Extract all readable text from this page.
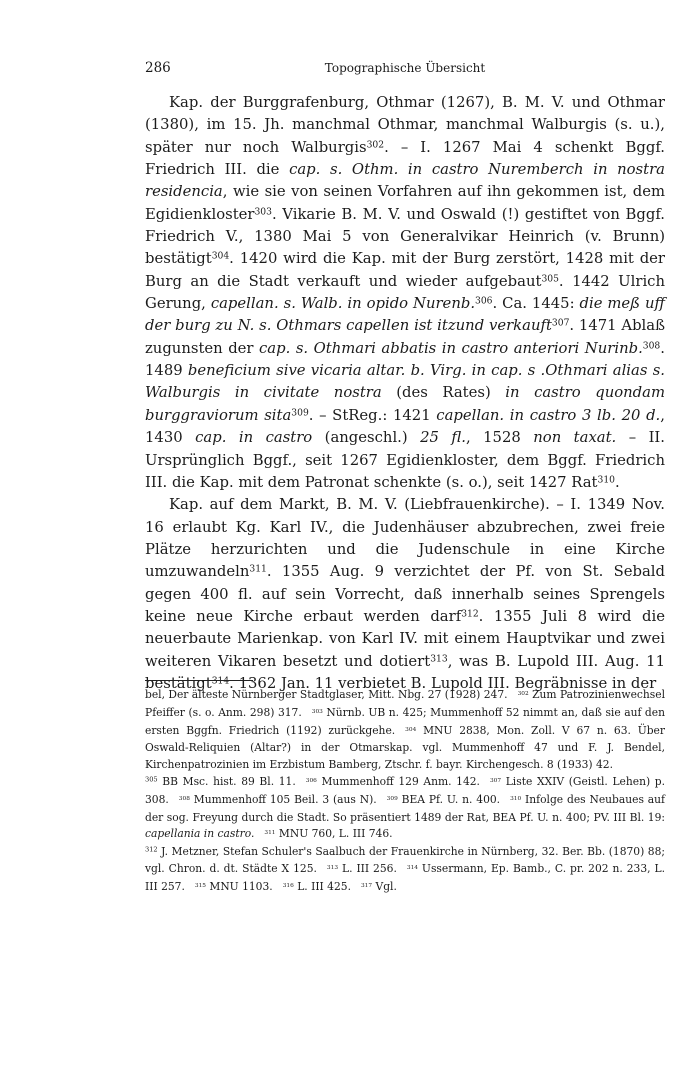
286	Topographische Übersicht

Kap. der Burggrafenburg, Othmar (1267), B. M. V. und Othmar (1380), im 15. Jh. manchmal Othmar, manchmal Walburgis (s. u.), später nur noch Walburgis$^{302}$. – I. 1267 Mai 4 schenkt Bggf. Friedrich III. die cap. s. Othm. in castro Nuremberch in nostra residencia, wie sie von seinen Vorfahren auf ihn gekommen ist, dem Egidienkloster$^{303}$. Vikarie B. M. V. und Oswald (!) gestiftet von Bggf. Friedrich V., 1380 Mai 5 von Generalvikar Heinrich (v. Brunn) bestätigt$^{304}$. 1420 wird die Kap. mit der Burg zerstört, 1428 mit der Burg an die Stadt verkauft und wieder aufgebaut$^{305}$. 1442 Ulrich Gerung, capellan. s. Walb. in opido Nurenb.$^{306}$. Ca. 1445: die meß uff der burg zu N. s. Othmars capellen ist itzund verkauft$^{307}$. 1471 Ablaß zugunsten der cap. s. Othmari abbatis in castro anteriori Nurinb.$^{308}$. 1489 beneficium sive vicaria altar. b. Virg. in cap. s .Othmari alias s. Walburgis in civitate nostra (des Rates) in castro quondam burggraviorum sita$^{309}$. – StReg.: 1421 capellan. in castro 3 lb. 20 d., 1430 cap. in castro (angeschl.) 25 fl., 1528 non taxat. – II. Ursprünglich Bggf., seit 1267 Egidienkloster, dem Bggf. Friedrich III. die Kap. mit dem Patronat schenkte (s. o.), seit 1427 Rat$^{310}$.

Kap. auf dem Markt, B. M. V. (Liebfrauenkirche). – I. 1349 Nov. 16 erlaubt Kg. Karl IV., die Judenhäuser abzubrechen, zwei freie Plätze herzurichten und die Judenschule in eine Kirche umzuwandeln$^{311}$. 1355 Aug. 9 verzichtet der Pf. von St. Sebald gegen 400 fl. auf sein Vorrecht, daß innerhalb seines Sprengels keine neue Kirche erbaut werden darf$^{312}$. 1355 Juli 8 wird die neuerbaute Marienkap. von Karl IV. mit einem Hauptvikar und zwei weiteren Vikaren besetzt und dotiert$^{313}$, was B. Lupold III. Aug. 11 bestätigt$^{314}$. 1362 Jan. 11 verbietet B. Lupold III. Begräbnisse in der

bel, Der älteste Nürnberger Stadtglaser, Mitt. Nbg. 27 (1928) 247. $^{302}$ Zum Patrozinienwechsel Pfeiffer (s. o. Anm. 298) 317. $^{303}$ Nürnb. UB n. 425; Mummenhoff 52 nimmt an, daß sie auf den ersten Bggfn. Friedrich (1192) zurückgehe. $^{304}$ MNU 2838, Mon. Zoll. V 67 n. 63. Über Oswald-Reliquien (Altar?) in der Otmarskap. vgl. Mummenhoff 47 und F. J. Bendel, Kirchenpatrozinien im Erzbistum Bamberg, Ztschr. f. bayr. Kirchengesch. 8 (1933) 42.
$^{305}$ BB Msc. hist. 89 Bl. 11. $^{306}$ Mummenhoff 129 Anm. 142. $^{307}$ Liste XXIV (Geistl. Lehen) p. 308. $^{308}$ Mummenhoff 105 Beil. 3 (aus N). $^{309}$ BEA Pf. U. n. 400. $^{310}$ Infolge des Neubaues auf der sog. Freyung durch die Stadt. So präsentiert 1489 der Rat, BEA Pf. U. n. 400; PV. III Bl. 19: capellania in castro. $^{311}$ MNU 760, L. III 746.
$^{312}$ J. Metzner, Stefan Schuler's Saalbuch der Frauenkirche in Nürnberg, 32. Ber. Bb. (1870) 88; vgl. Chron. d. dt. Städte X 125. $^{313}$ L. III 256. $^{314}$ Ussermann, Ep. Bamb., C. pr. 202 n. 233, L. III 257. $^{315}$ MNU 1103. $^{316}$ L. III 425. $^{317}$ Vgl.
